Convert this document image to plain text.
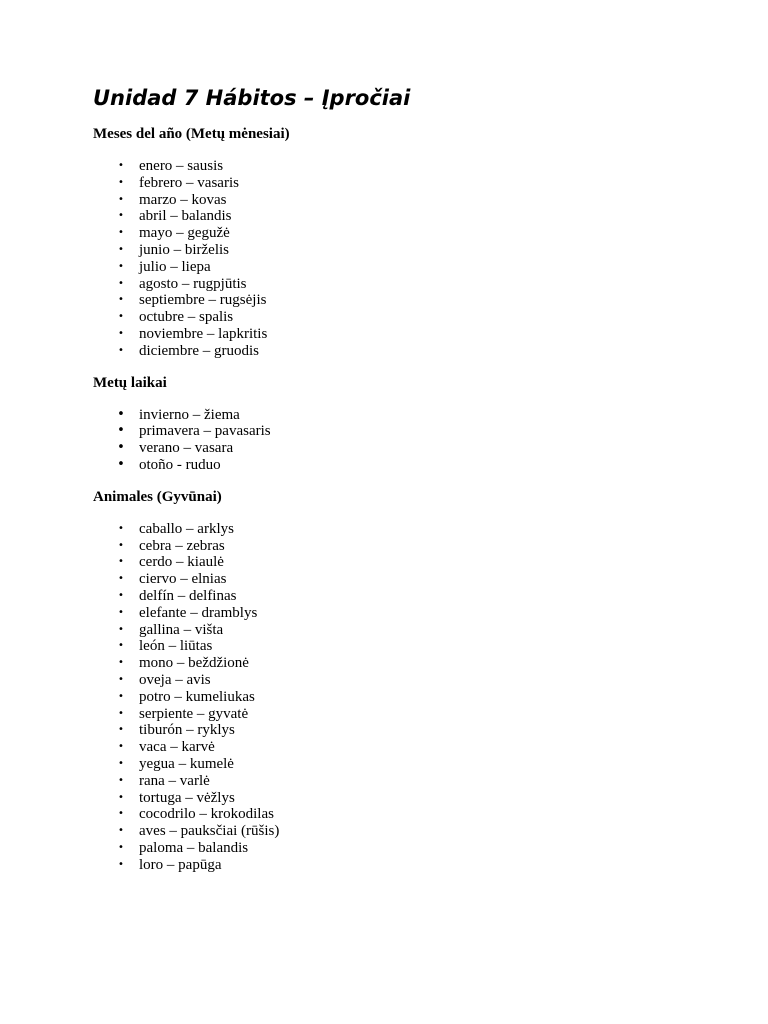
Unidad 7 Hábitos – Įpročiai
Meses del año (Metų mėnesiai)
• enero – sausis
• febrero – vasaris
• marzo – kovas
• abril – balandis
• mayo – gegužė
• junio – birželis
• julio – liepa
• agosto – rugpjūtis
• septiembre – rugsėjis
• octubre – spalis
• noviembre – lapkritis
• diciembre – gruodis
Metų laikai
• invierno – žiema
• primavera – pavasaris
• verano – vasara
• otoño - ruduo
Animales (Gyvūnai)
• caballo – arklys
• cebra – zebras
• cerdo – kiaulė
• ciervo – elnias
• delfín – delfinas
• elefante – dramblys
• gallina – višta
• león – liūtas
• mono – beždžionė
• oveja – avis
• potro – kumeliukas
• serpiente – gyvatė
• tiburón – ryklys
• vaca – karvė
• yegua – kumelė
• rana – varlė
• tortuga – vėžlys
• cocodrilo – krokodilas
• aves – pauksčiai (rūšis)
• paloma – balandis
• loro – papūga
